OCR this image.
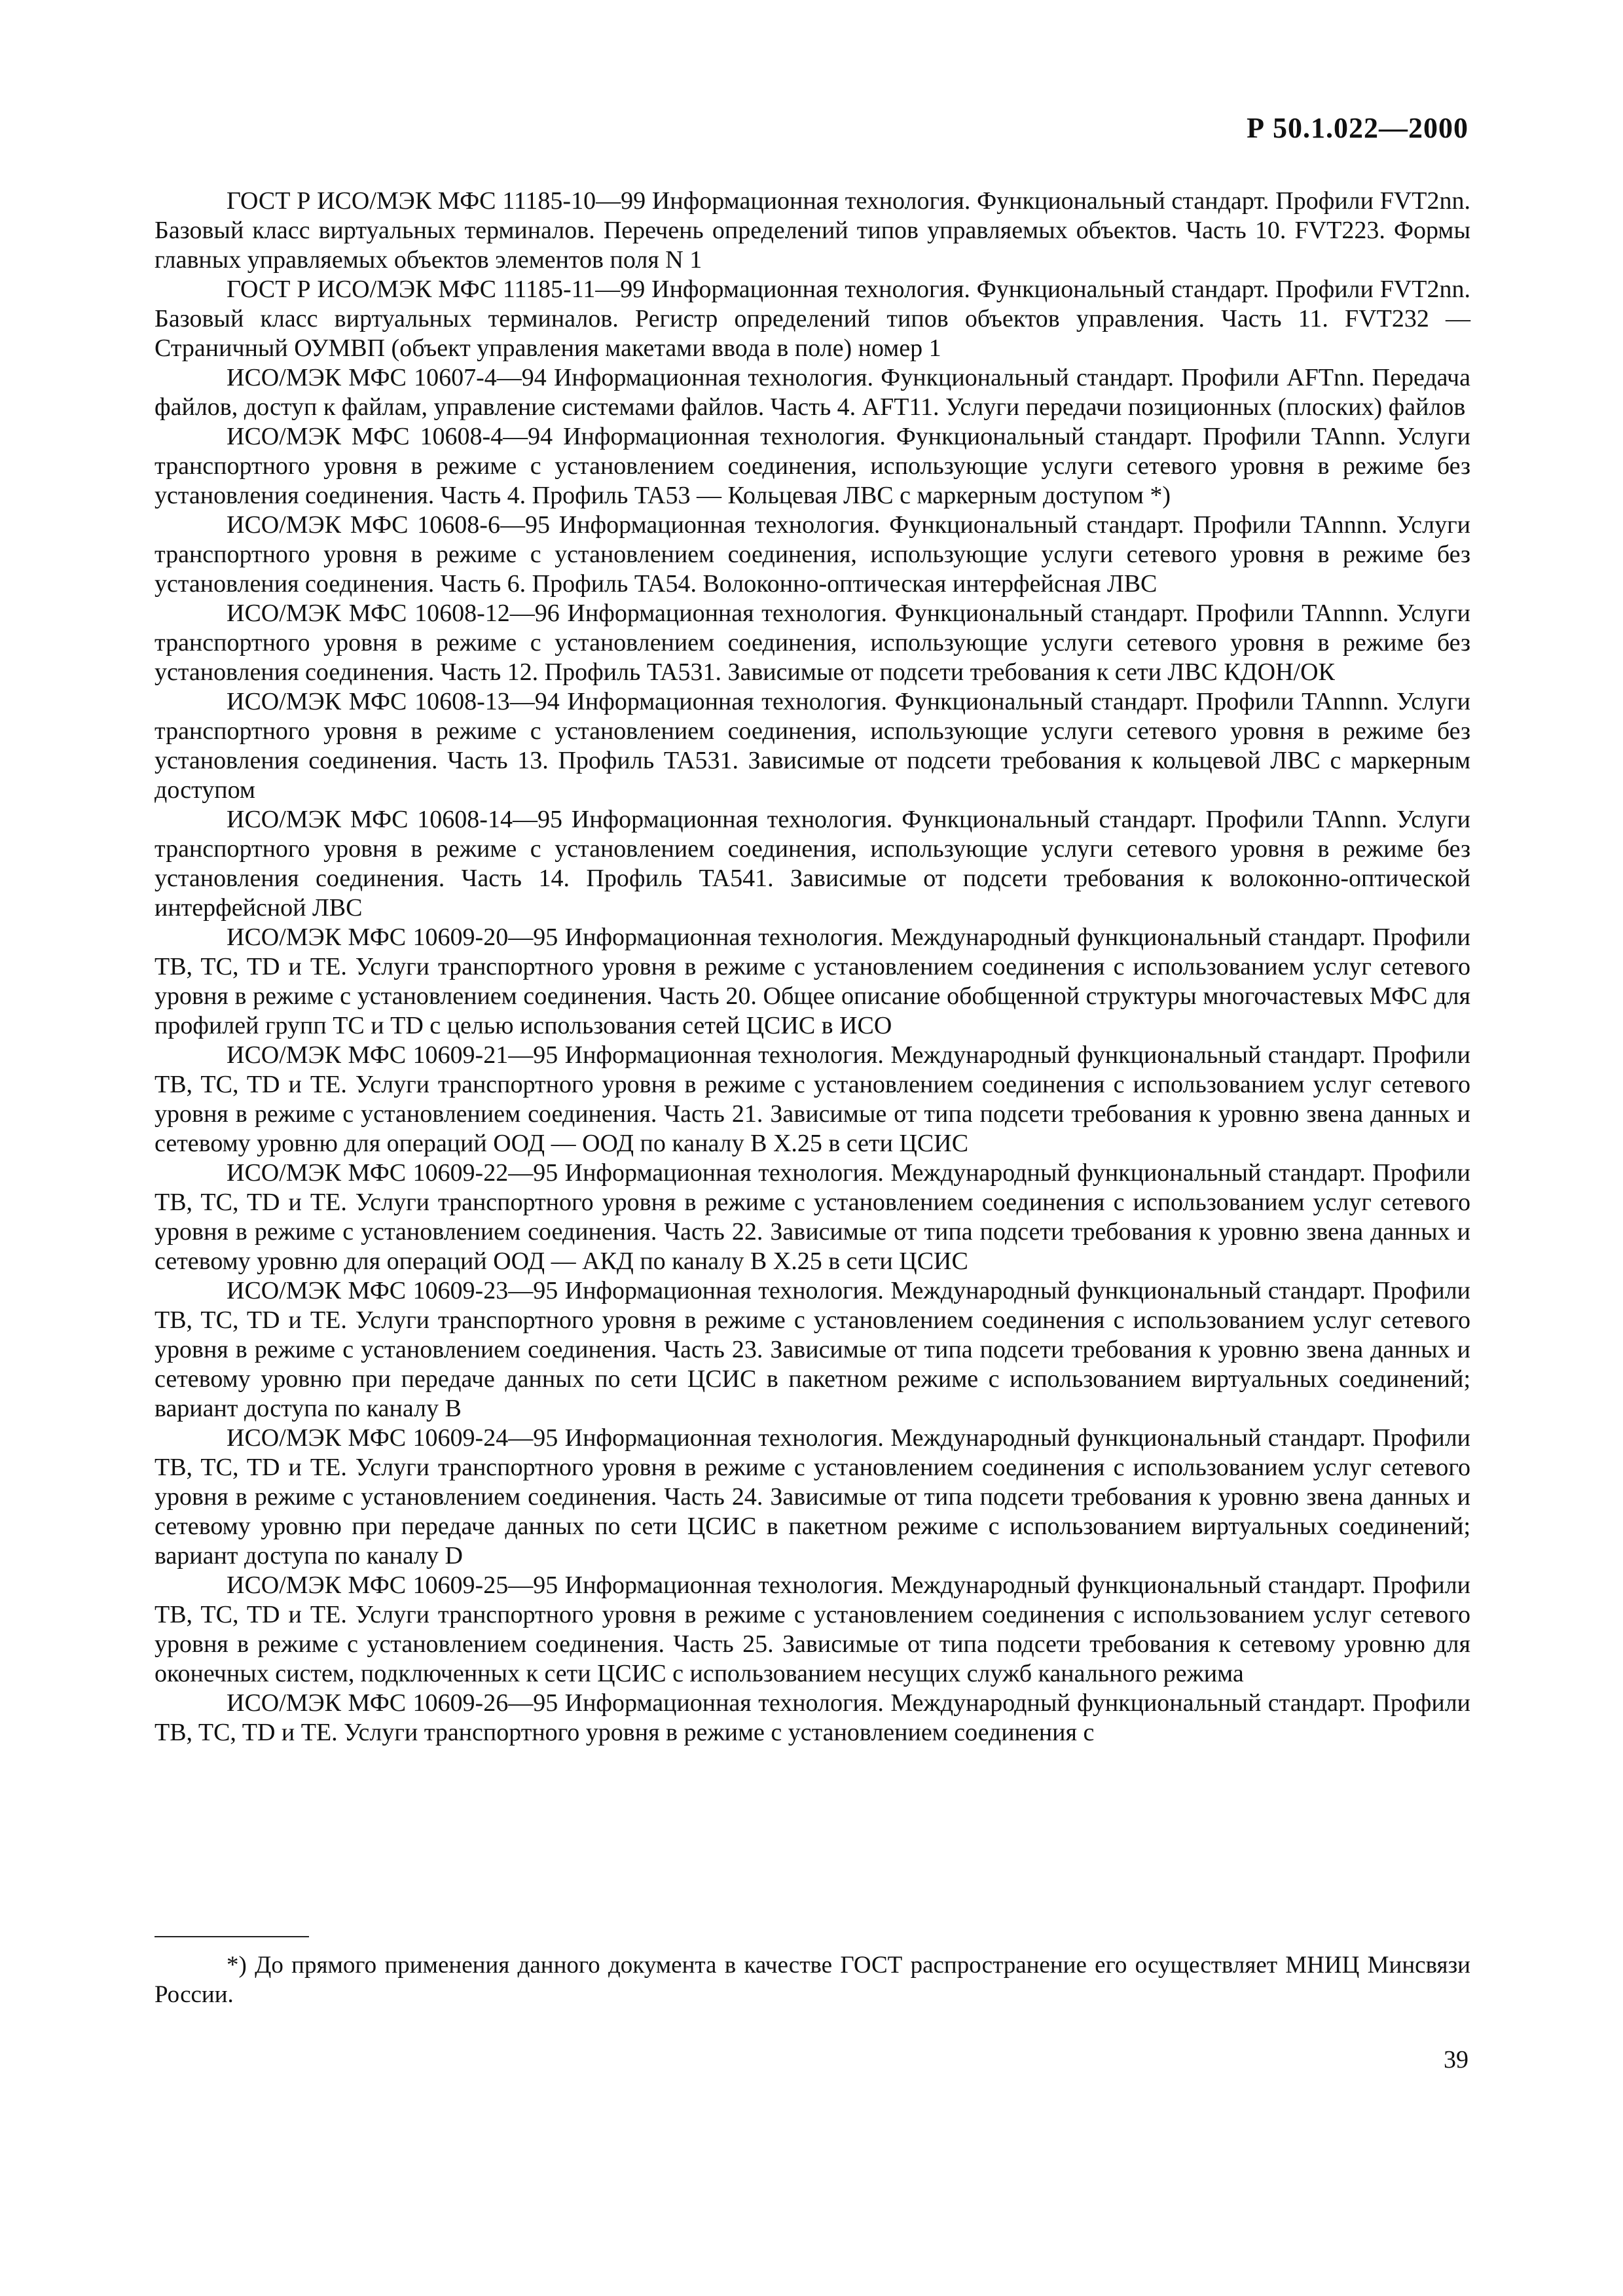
Р 50.1.022—2000

ГОСТ Р ИСО/МЭК МФС 11185-10—99 Информационная технология. Функциональный стандарт. Профили FVT2nn. Базовый класс виртуальных терминалов. Перечень определений типов управляемых объектов. Часть 10. FVT223. Формы главных управляемых объектов элементов поля N 1

ГОСТ Р ИСО/МЭК МФС 11185-11—99 Информационная технология. Функциональный стандарт. Профили FVT2nn. Базовый класс виртуальных терминалов. Регистр определений типов объектов управления. Часть 11. FVT232 — Страничный ОУМВП (объект управления макетами ввода в поле) номер 1

ИСО/МЭК МФС 10607-4—94 Информационная технология. Функциональный стандарт. Профили AFTnn. Передача файлов, доступ к файлам, управление системами файлов. Часть 4. AFT11. Услуги передачи позиционных (плоских) файлов

ИСО/МЭК МФС 10608-4—94 Информационная технология. Функциональный стандарт. Профили TAnnn. Услуги транспортного уровня в режиме с установлением соединения, использующие услуги сетевого уровня в режиме без установления соединения. Часть 4. Профиль TA53 — Кольцевая ЛВС с маркерным доступом *)

ИСО/МЭК МФС 10608-6—95 Информационная технология. Функциональный стандарт. Профили TAnnnn. Услуги транспортного уровня в режиме с установлением соединения, использующие услуги сетевого уровня в режиме без установления соединения. Часть 6. Профиль TA54. Волоконно-оптическая интерфейсная ЛВС

ИСО/МЭК МФС 10608-12—96 Информационная технология. Функциональный стандарт. Профили TAnnnn. Услуги транспортного уровня в режиме с установлением соединения, использующие услуги сетевого уровня в режиме без установления соединения. Часть 12. Профиль TA531. Зависимые от подсети требования к сети ЛВС КДОН/ОК

ИСО/МЭК МФС 10608-13—94 Информационная технология. Функциональный стандарт. Профили TAnnnn. Услуги транспортного уровня в режиме с установлением соединения, использующие услуги сетевого уровня в режиме без установления соединения. Часть 13. Профиль TA531. Зависимые от подсети требования к кольцевой ЛВС с маркерным доступом

ИСО/МЭК МФС 10608-14—95 Информационная технология. Функциональный стандарт. Профили TAnnn. Услуги транспортного уровня в режиме с установлением соединения, использующие услуги сетевого уровня в режиме без установления соединения. Часть 14. Профиль TA541. Зависимые от подсети требования к волоконно-оптической интерфейсной ЛВС

ИСО/МЭК МФС 10609-20—95 Информационная технология. Международный функциональный стандарт. Профили TB, TC, TD и TE. Услуги транспортного уровня в режиме с установлением соединения с использованием услуг сетевого уровня в режиме с установлением соединения. Часть 20. Общее описание обобщенной структуры многочастевых МФС для профилей групп TC и TD с целью использования сетей ЦСИС в ИСО

ИСО/МЭК МФС 10609-21—95 Информационная технология. Международный функциональный стандарт. Профили TB, TC, TD и TE. Услуги транспортного уровня в режиме с установлением соединения с использованием услуг сетевого уровня в режиме с установлением соединения. Часть 21. Зависимые от типа подсети требования к уровню звена данных и сетевому уровню для операций ООД — ООД по каналу B X.25 в сети ЦСИС

ИСО/МЭК МФС 10609-22—95 Информационная технология. Международный функциональный стандарт. Профили TB, TC, TD и TE. Услуги транспортного уровня в режиме с установлением соединения с использованием услуг сетевого уровня в режиме с установлением соединения. Часть 22. Зависимые от типа подсети требования к уровню звена данных и сетевому уровню для операций ООД — АКД по каналу B X.25 в сети ЦСИС

ИСО/МЭК МФС 10609-23—95 Информационная технология. Международный функциональный стандарт. Профили TB, TC, TD и TE. Услуги транспортного уровня в режиме с установлением соединения с использованием услуг сетевого уровня в режиме с установлением соединения. Часть 23. Зависимые от типа подсети требования к уровню звена данных и сетевому уровню при передаче данных по сети ЦСИС в пакетном режиме с использованием виртуальных соединений; вариант доступа по каналу B

ИСО/МЭК МФС 10609-24—95 Информационная технология. Международный функциональный стандарт. Профили TB, TC, TD и TE. Услуги транспортного уровня в режиме с установлением соединения с использованием услуг сетевого уровня в режиме с установлением соединения. Часть 24. Зависимые от типа подсети требования к уровню звена данных и сетевому уровню при передаче данных по сети ЦСИС в пакетном режиме с использованием виртуальных соединений; вариант доступа по каналу D

ИСО/МЭК МФС 10609-25—95 Информационная технология. Международный функциональный стандарт. Профили TB, TC, TD и TE. Услуги транспортного уровня в режиме с установлением соединения с использованием услуг сетевого уровня в режиме с установлением соединения. Часть 25. Зависимые от типа подсети требования к сетевому уровню для оконечных систем, подключенных к сети ЦСИС с использованием несущих служб канального режима

ИСО/МЭК МФС 10609-26—95 Информационная технология. Международный функциональный стандарт. Профили TB, TC, TD и TE. Услуги транспортного уровня в режиме с установлением соединения с

*) До прямого применения данного документа в качестве ГОСТ распространение его осуществляет МНИЦ Минсвязи России.

39
